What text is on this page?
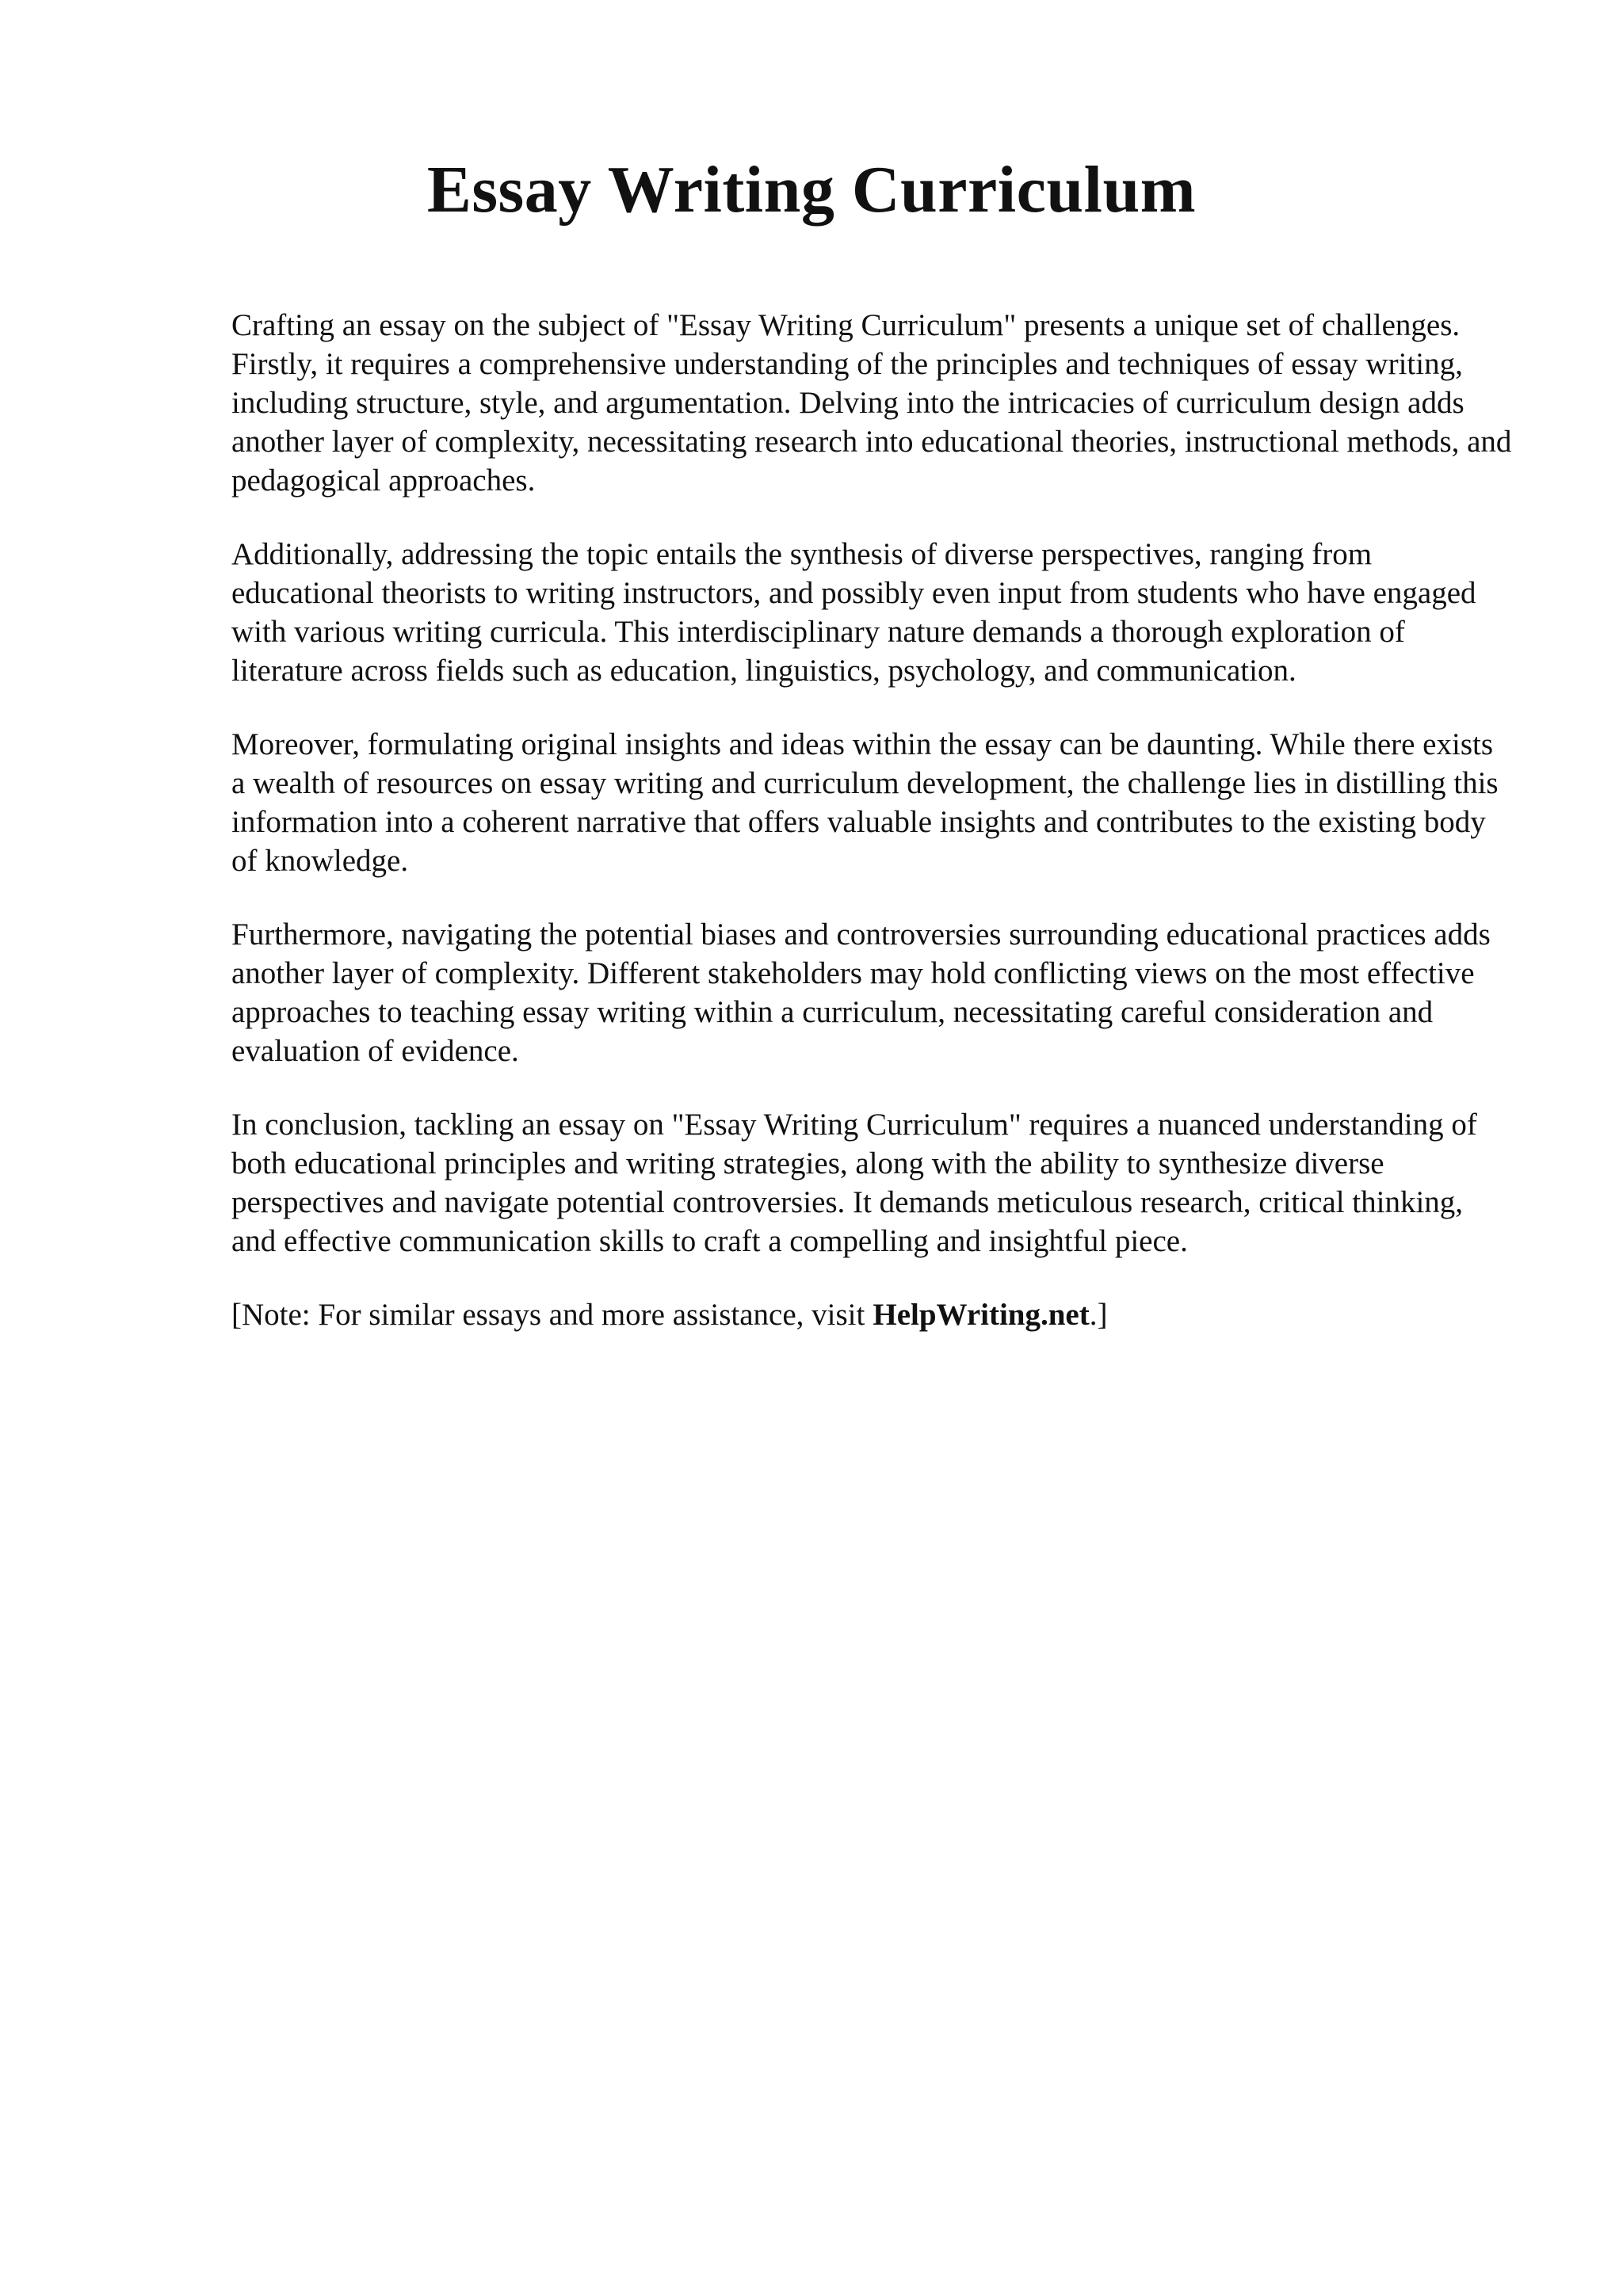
Essay Writing Curriculum

Crafting an essay on the subject of "Essay Writing Curriculum" presents a unique set of challenges. Firstly, it requires a comprehensive understanding of the principles and techniques of essay writing, including structure, style, and argumentation. Delving into the intricacies of curriculum design adds another layer of complexity, necessitating research into educational theories, instructional methods, and pedagogical approaches.

Additionally, addressing the topic entails the synthesis of diverse perspectives, ranging from educational theorists to writing instructors, and possibly even input from students who have engaged with various writing curricula. This interdisciplinary nature demands a thorough exploration of literature across fields such as education, linguistics, psychology, and communication.

Moreover, formulating original insights and ideas within the essay can be daunting. While there exists a wealth of resources on essay writing and curriculum development, the challenge lies in distilling this information into a coherent narrative that offers valuable insights and contributes to the existing body of knowledge.

Furthermore, navigating the potential biases and controversies surrounding educational practices adds another layer of complexity. Different stakeholders may hold conflicting views on the most effective approaches to teaching essay writing within a curriculum, necessitating careful consideration and evaluation of evidence.

In conclusion, tackling an essay on "Essay Writing Curriculum" requires a nuanced understanding of both educational principles and writing strategies, along with the ability to synthesize diverse perspectives and navigate potential controversies. It demands meticulous research, critical thinking, and effective communication skills to craft a compelling and insightful piece.

[Note: For similar essays and more assistance, visit HelpWriting.net.]
